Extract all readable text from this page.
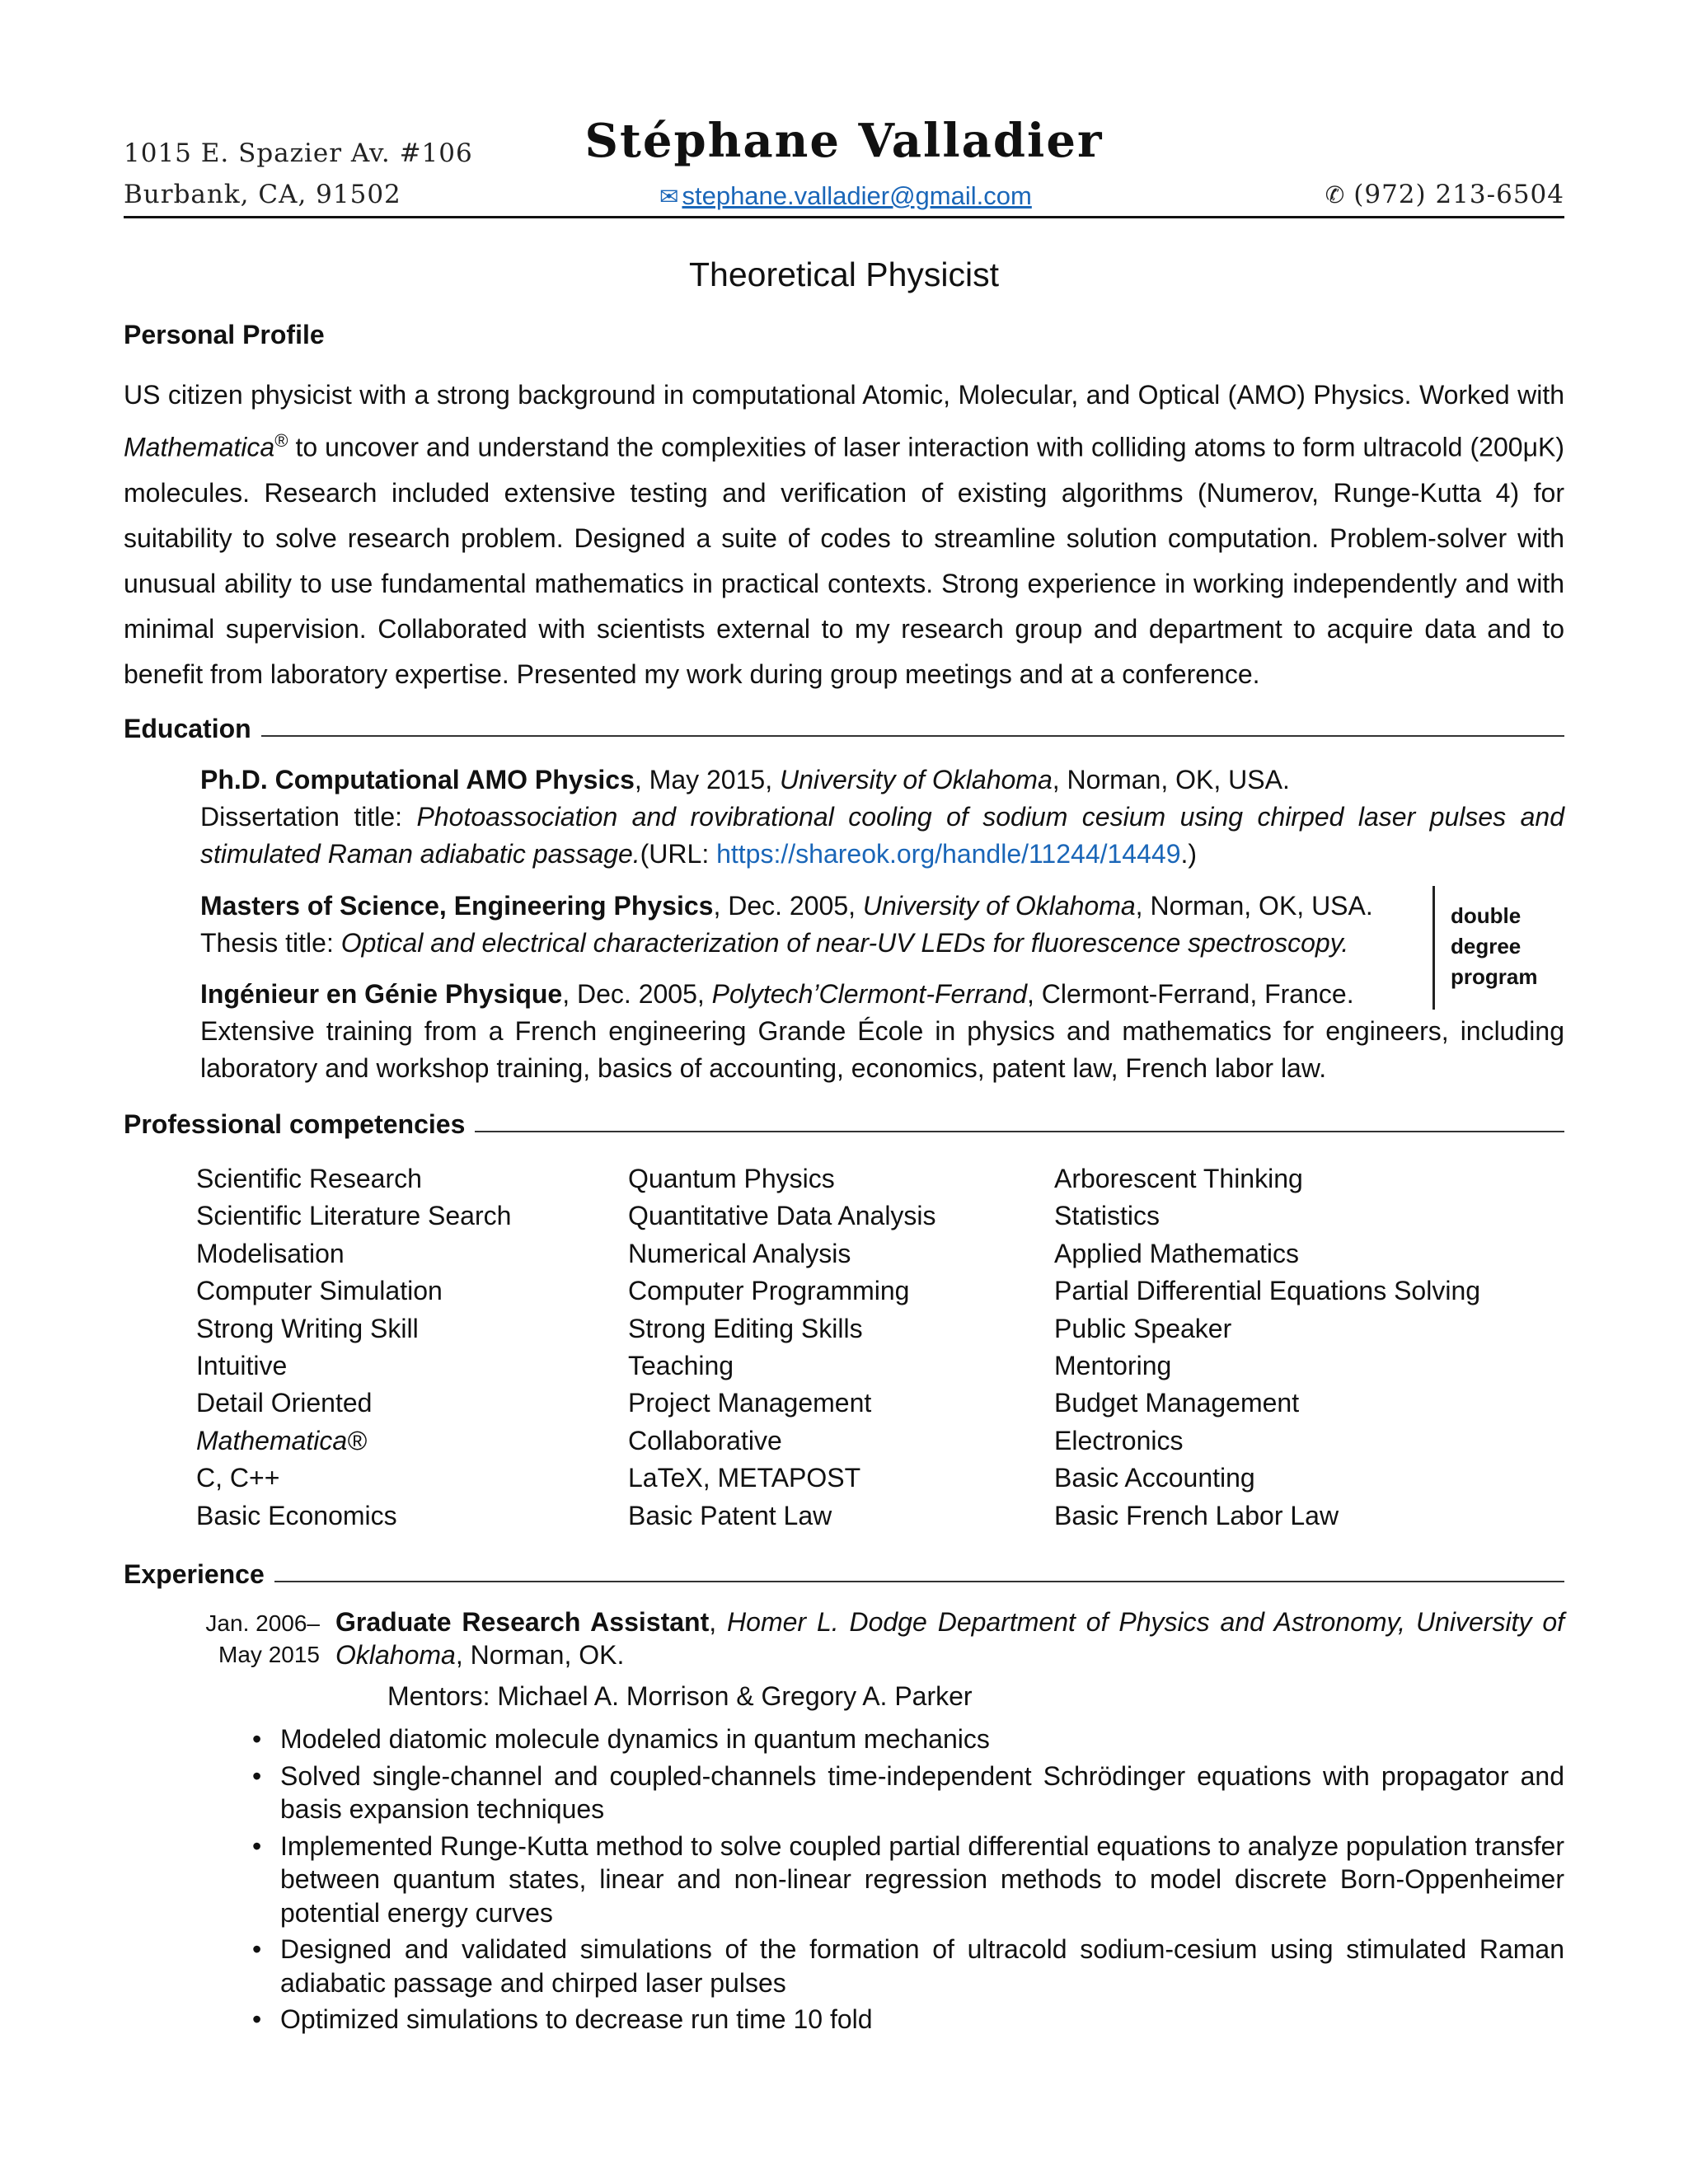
1015 E. Spazier Av. #106
Burbank, CA, 91502
Stéphane Valladier
✉ stephane.valladier@gmail.com	✆ (972) 213-6504
Theoretical Physicist
Personal Profile
US citizen physicist with a strong background in computational Atomic, Molecular, and Optical (AMO) Physics. Worked with Mathematica® to uncover and understand the complexities of laser interaction with colliding atoms to form ultracold (200μK) molecules. Research included extensive testing and verification of existing algorithms (Numerov, Runge-Kutta 4) for suitability to solve research problem. Designed a suite of codes to streamline solution computation. Problem-solver with unusual ability to use fundamental mathematics in practical contexts. Strong experience in working independently and with minimal supervision. Collaborated with scientists external to my research group and department to acquire data and to benefit from laboratory expertise. Presented my work during group meetings and at a conference.
Education
Ph.D. Computational AMO Physics, May 2015, University of Oklahoma, Norman, OK, USA.

Dissertation title: Photoassociation and rovibrational cooling of sodium cesium using chirped laser pulses and stimulated Raman adiabatic passage.(URL: https://shareok.org/handle/11244/14449.)
Masters of Science, Engineering Physics, Dec. 2005, University of Oklahoma, Norman, OK, USA.
Thesis title: Optical and electrical characterization of near-UV LEDs for fluorescence spectroscopy.
Ingénieur en Génie Physique, Dec. 2005, Polytech’Clermont-Ferrand, Clermont-Ferrand, France.

Extensive training from a French engineering Grande École in physics and mathematics for engineers, including laboratory and workshop training, basics of accounting, economics, patent law, French labor law.
double
degree
program
Professional competencies
Scientific Research
Scientific Literature Search
Modelisation
Computer Simulation
Strong Writing Skill
Intuitive
Detail Oriented
Mathematica®
C, C++
Basic Economics
Quantum Physics
Quantitative Data Analysis
Numerical Analysis
Computer Programming
Strong Editing Skills
Teaching
Project Management
Collaborative
LaTeX, METAPOST
Basic Patent Law
Arborescent Thinking
Statistics
Applied Mathematics
Partial Differential Equations Solving
Public Speaker
Mentoring
Budget Management
Electronics
Basic Accounting
Basic French Labor Law
Experience
Jan. 2006–
May 2015
Graduate Research Assistant, Homer L. Dodge Department of Physics and Astronomy, University of Oklahoma, Norman, OK.
Mentors: Michael A. Morrison & Gregory A. Parker
• Modeled diatomic molecule dynamics in quantum mechanics
• Solved single-channel and coupled-channels time-independent Schrödinger equations with propagator and basis expansion techniques
• Implemented Runge-Kutta method to solve coupled partial differential equations to analyze population transfer between quantum states, linear and non-linear regression methods to model discrete Born-Oppenheimer potential energy curves
• Designed and validated simulations of the formation of ultracold sodium-cesium using stimulated Raman adiabatic passage and chirped laser pulses
• Optimized simulations to decrease run time 10 fold
